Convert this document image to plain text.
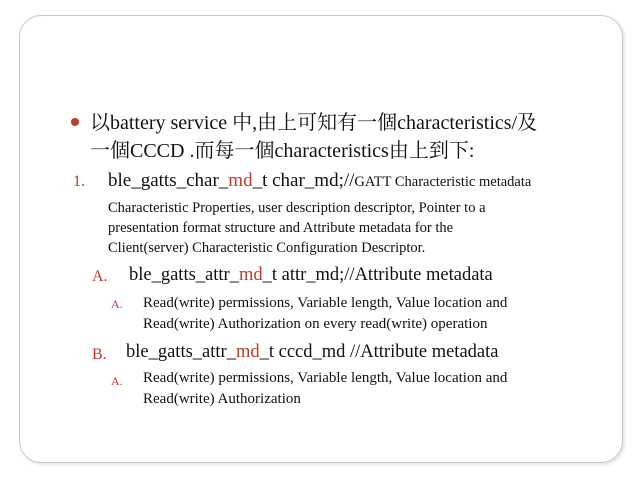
以battery service 中,由上可知有一個characteristics/及
一個CCCD .而每一個characteristics由上到下:
1. ble_gatts_char_md_t char_md;//GATT Characteristic metadata
Characteristic Properties, user description descriptor, Pointer to a
presentation format structure and Attribute metadata for the
Client(server) Characteristic Configuration Descriptor.
A. ble_gatts_attr_md_t attr_md;//Attribute metadata
A. Read(write) permissions, Variable length, Value location and
Read(write) Authorization on every read(write) operation
B. ble_gatts_attr_md_t cccd_md //Attribute metadata
A. Read(write) permissions, Variable length, Value location and
Read(write) Authorization
